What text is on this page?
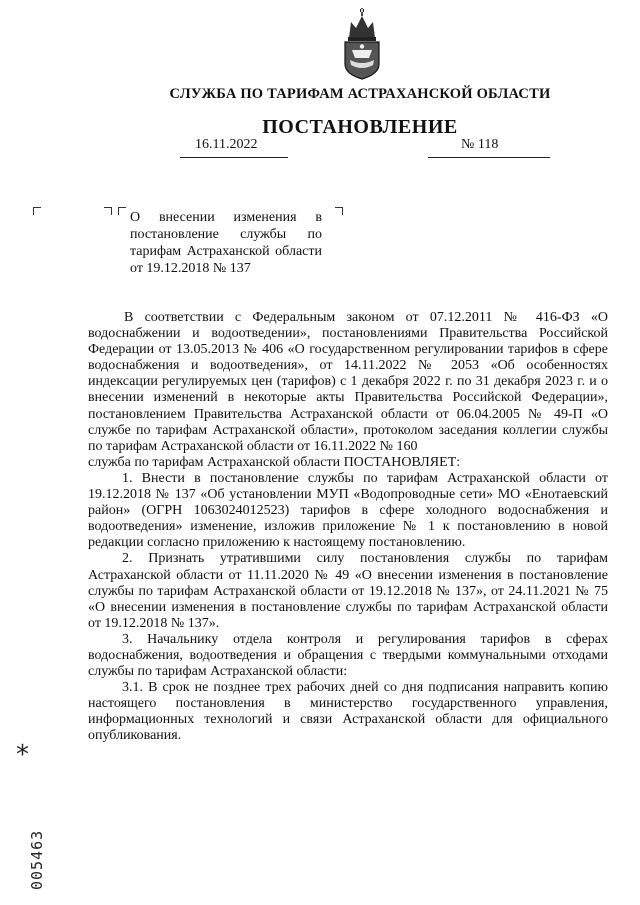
СЛУЖБА ПО ТАРИФАМ АСТРАХАНСКОЙ ОБЛАСТИ
ПОСТАНОВЛЕНИЕ
16.11.2022	№ 118
О внесении изменения в постановление службы по тарифам Астраханской области от 19.12.2018 № 137

В соответствии с Федеральным законом от 07.12.2011 № 416-ФЗ «О водоснабжении и водоотведении», постановлениями Правительства Российской Федерации от 13.05.2013 № 406 «О государственном регулировании тарифов в сфере водоснабжения и водоотведения», от 14.11.2022 № 2053 «Об особенностях индексации регулируемых цен (тарифов) с 1 декабря 2022 г. по 31 декабря 2023 г. и о внесении изменений в некоторые акты Правительства Российской Федерации», постановлением Правительства Астраханской области от 06.04.2005 № 49-П «О службе по тарифам Астраханской области», протоколом заседания коллегии службы по тарифам Астраханской области от 16.11.2022 № 160

служба по тарифам Астраханской области ПОСТАНОВЛЯЕТ:

1. Внести в постановление службы по тарифам Астраханской области от 19.12.2018 № 137 «Об установлении МУП «Водопроводные сети» МО «Енотаевский район» (ОГРН 1063024012523) тарифов в сфере холодного водоснабжения и водоотведения» изменение, изложив приложение № 1 к постановлению в новой редакции согласно приложению к настоящему постановлению.

2. Признать утратившими силу постановления службы по тарифам Астраханской области от 11.11.2020 № 49 «О внесении изменения в постановление службы по тарифам Астраханской области от 19.12.2018 № 137», от 24.11.2021 № 75 «О внесении изменения в постановление службы по тарифам Астраханской области от 19.12.2018 № 137».

3. Начальнику отдела контроля и регулирования тарифов в сферах водоснабжения, водоотведения и обращения с твердыми коммунальными отходами службы по тарифам Астраханской области:

3.1. В срок не позднее трех рабочих дней со дня подписания направить копию настоящего постановления в министерство государственного управления, информационных технологий и связи Астраханской области для официального опубликования.

*
005463
